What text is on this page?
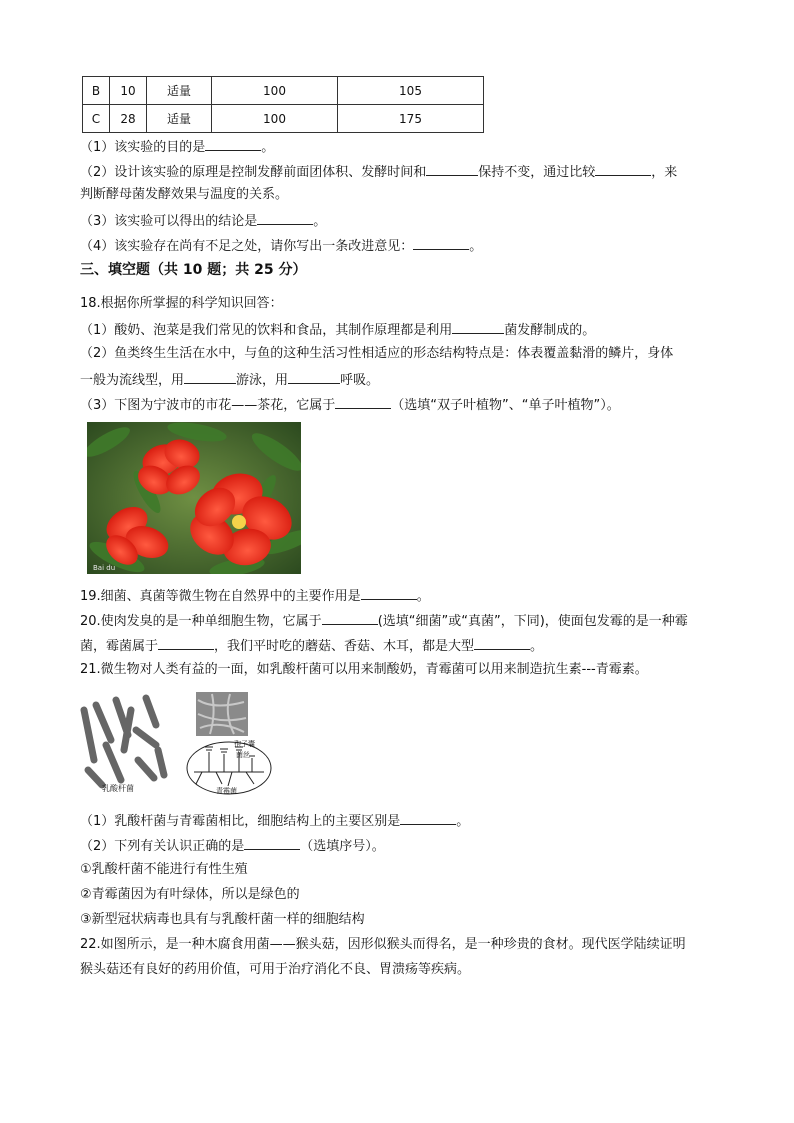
B	10	适量	100	105
C	28	适量	100	175
（1）该实验的目的是	。
（2）设计该实验的原理是控制发酵前面团体积、发酵时间和	保持不变，通过比较	，来
判断酵母菌发酵效果与温度的关系。
（3）该实验可以得出的结论是	。
（4）该实验存在尚有不足之处，请你写出一条改进意见：	。
三、填空题（共 10 题；共 25 分）
18.根据你所掌握的科学知识回答：
（1）酸奶、泡菜是我们常见的饮料和食品，其制作原理都是利用	菌发酵制成的。
（2）鱼类终生生活在水中，与鱼的这种生活习性相适应的形态结构特点是：体表覆盖黏滑的鳞片，身体
一般为流线型，用	游泳，用	呼吸。
（3）下图为宁波市的市花——茶花，它属于	（选填“双子叶植物”、“单子叶植物”）。
Bai du
19.细菌、真菌等微生物在自然界中的主要作用是	。
20.使肉发臭的是一种单细胞生物，它属于	(选填“细菌”或“真菌”，下同)，使面包发霉的是一种霉
菌，霉菌属于	，我们平时吃的蘑菇、香菇、木耳，都是大型	。
21.微生物对人类有益的一面，如乳酸杆菌可以用来制酸奶，青霉菌可以用来制造抗生素---青霉素。
乳酸杆菌
孢子囊
菌丝
青霉菌
（1）乳酸杆菌与青霉菌相比，细胞结构上的主要区别是	。
（2）下列有关认识正确的是	（选填序号）。
①乳酸杆菌不能进行有性生殖
②青霉菌因为有叶绿体，所以是绿色的
③新型冠状病毒也具有与乳酸杆菌一样的细胞结构
22.如图所示，是一种木腐食用菌——猴头菇，因形似猴头而得名，是一种珍贵的食材。现代医学陆续证明
猴头菇还有良好的药用价值，可用于治疗消化不良、胃溃疡等疾病。
